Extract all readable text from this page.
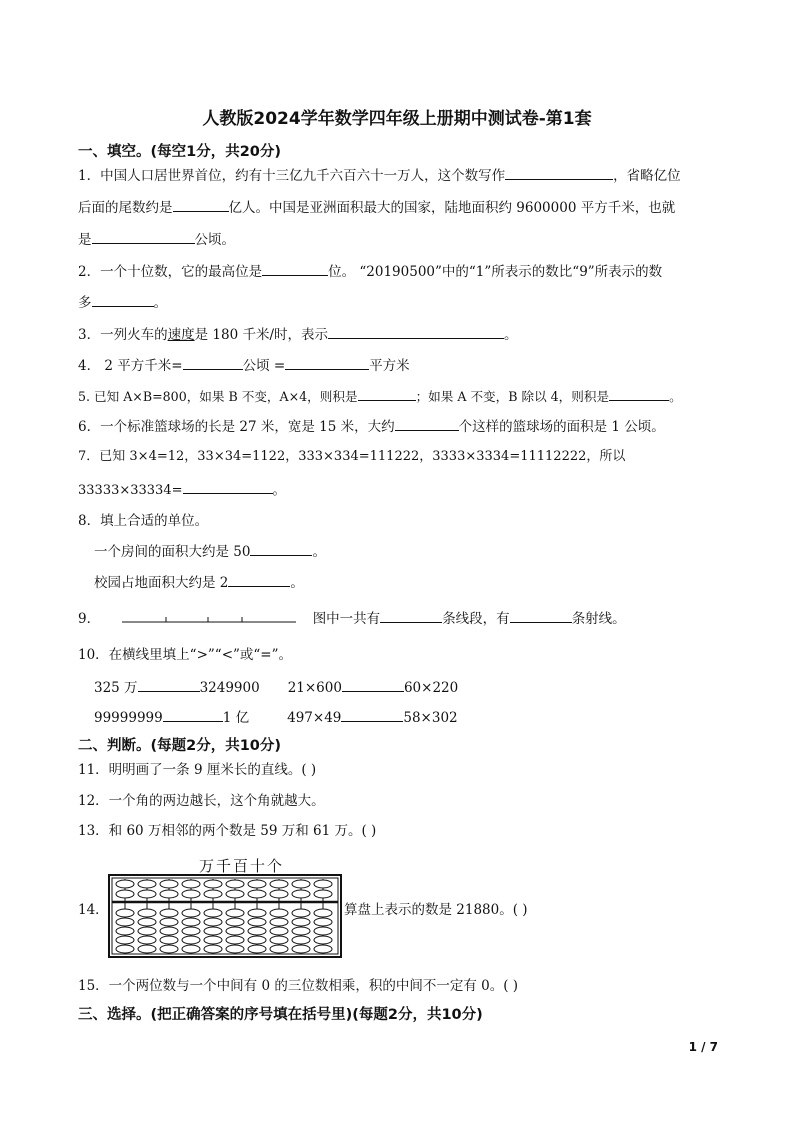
人教版2024学年数学四年级上册期中测试卷-第1套
一、填空。(每空1分，共20分)
1．中国人口居世界首位，约有十三亿九千六百六十一万人，这个数写作	，省略亿位
后面的尾数约是	亿人。中国是亚洲面积最大的国家，陆地面积约 9600000 平方千米，也就
是	公顷。
2．一个十位数，它的最高位是	位。 “20190500”中的“1”所表示的数比“9”所表示的数
多	。
3．一列火车的速度是 180 千米/时，表示	。
4． 2 平方千米=	公顷 =	平方米
5. 已知 A×B=800，如果 B 不变，A×4，则积是	；如果 A 不变，B 除以 4，则积是	。
6．一个标准篮球场的长是 27 米，宽是 15 米，大约	个这样的篮球场的面积是 1 公顷。
7．已知 3×4=12，33×34=1122，333×334=111222，3333×3334=11112222，所以
33333×33334=	。
8．填上合适的单位。
一个房间的面积大约是 50	。
校园占地面积大约是 2	。
9．	图中一共有	条线段，有	条射线。
10．在横线里填上“>”“<”或“=”。
325 万	3249900 21×600	60×220
99999999	1 亿	497×49	58×302
二、判断。(每题2分，共10分)
11．明明画了一条 9 厘米长的直线。( )
12．一个角的两边越长，这个角就越大。
13．和 60 万相邻的两个数是 59 万和 61 万。( )
万千百十个
14．	算盘上表示的数是 21880。( )
15．一个两位数与一个中间有 0 的三位数相乘，积的中间不一定有 0。( )
三、选择。(把正确答案的序号填在括号里)(每题2分，共10分)
1 / 7
